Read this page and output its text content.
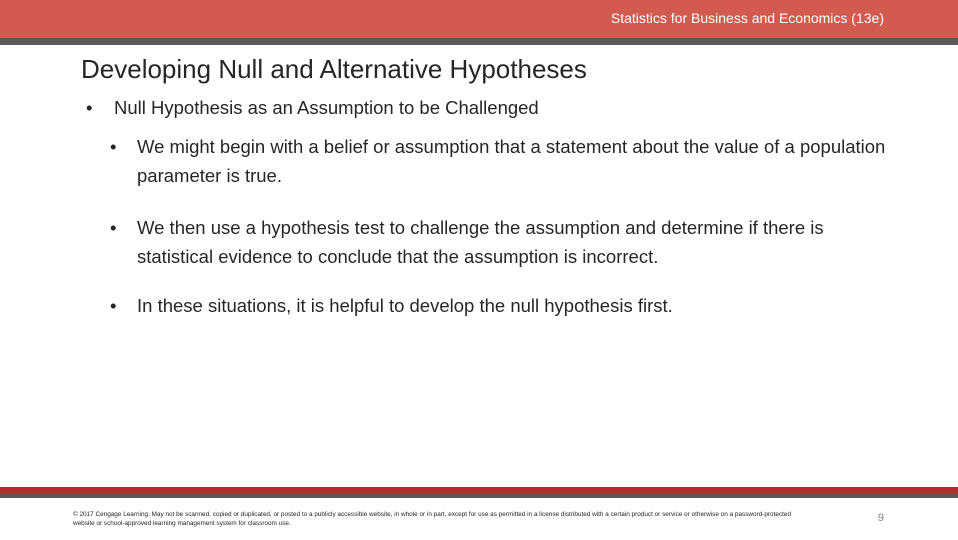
Statistics for Business and Economics (13e)
Developing Null and Alternative Hypotheses
• Null Hypothesis as an Assumption to be Challenged
• We might begin with a belief or assumption that a statement about the value of a population parameter is true.
• We then use a hypothesis test to challenge the assumption and determine if there is statistical evidence to conclude that the assumption is incorrect.
• In these situations, it is helpful to develop the null hypothesis first.
© 2017 Cengage Learning. May not be scanned, copied or duplicated, or posted to a publicly accessible website, in whole or in part, except for use as permitted in a license distributed with a certain product or service or otherwise on a password-protected website or school-approved learning management system for classroom use.	9
